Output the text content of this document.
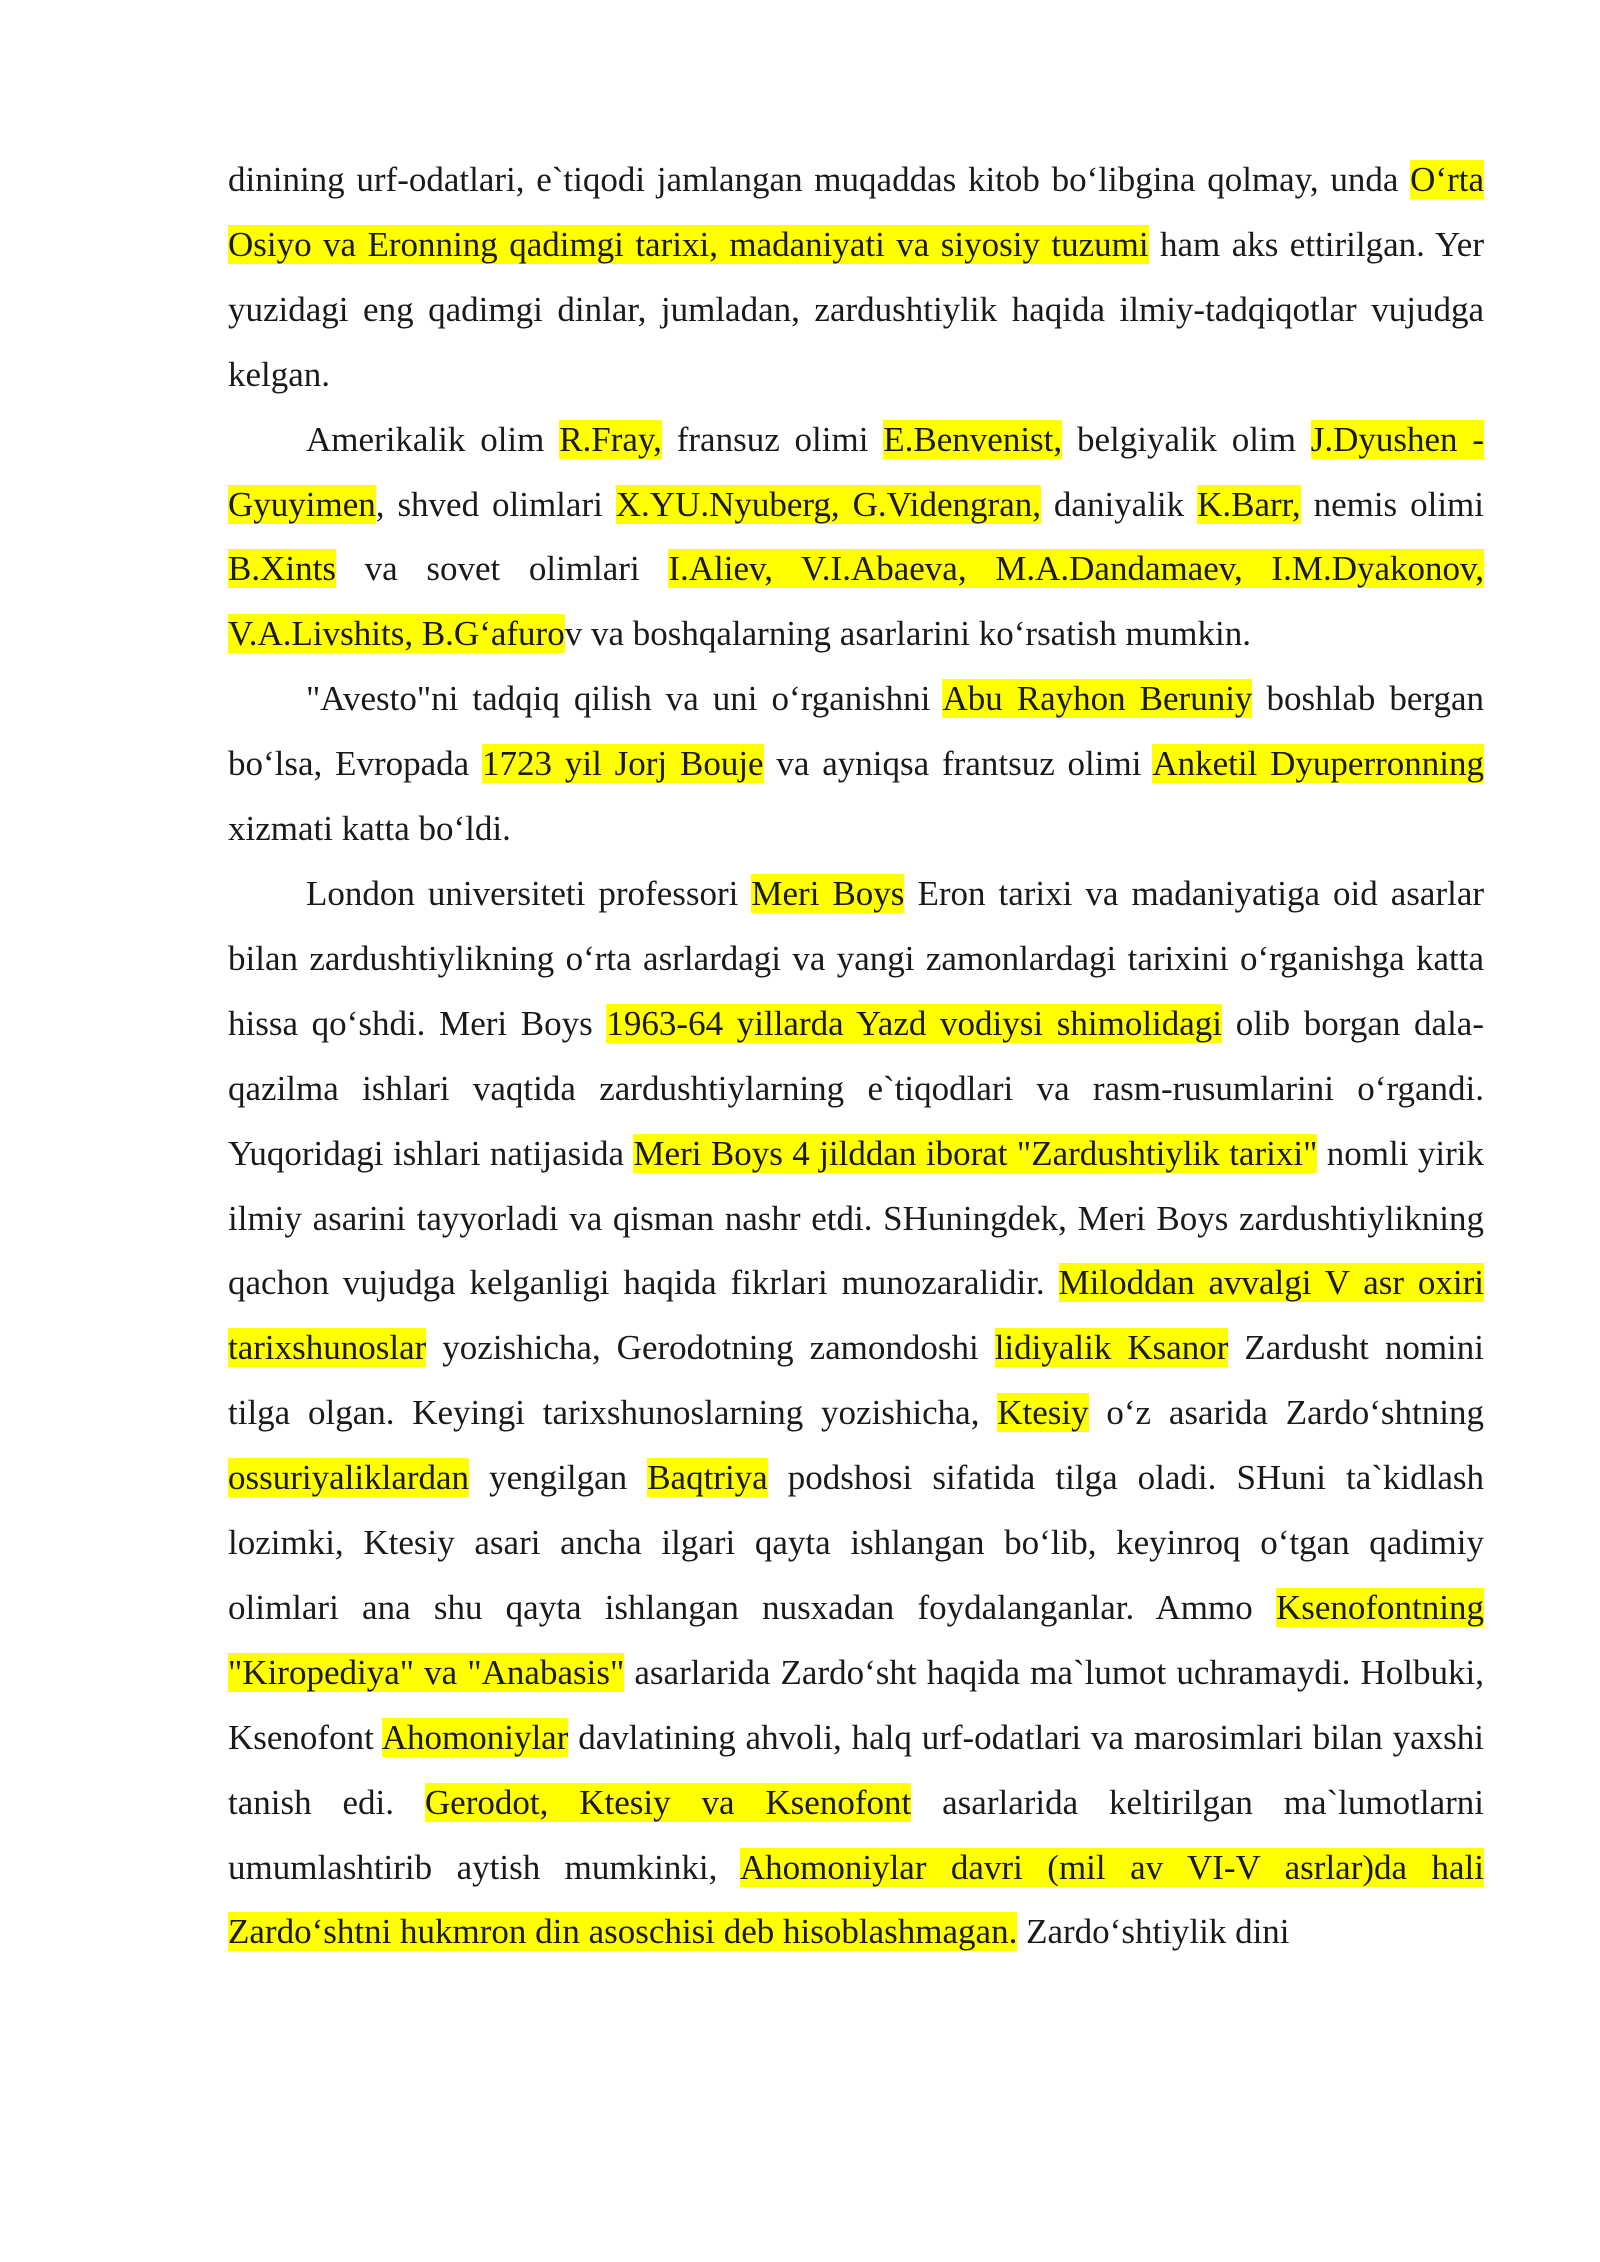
dinining urf-odatlari, e`tiqodi jamlangan muqaddas kitob bo‘libgina qolmay, unda O‘rta Osiyo va Eronning qadimgi tarixi, madaniyati va siyosiy tuzumi ham aks ettirilgan. Yer yuzidagi eng qadimgi dinlar, jumladan, zardushtiylik haqida ilmiy-tadqiqotlar vujudga kelgan.

Amerikalik olim R.Fray, fransuz olimi E.Benvenist, belgiyalik olim J.Dyushen - Gyuyimen, shved olimlari X.YU.Nyuberg, G.Videngran, daniyalik K.Barr, nemis olimi B.Xints va sovet olimlari I.Aliev, V.I.Abaeva, M.A.Dandamaev, I.M.Dyakonov, V.A.Livshits, B.G‘afurov va boshqalarning asarlarini ko‘rsatish mumkin.

"Avesto"ni tadqiq qilish va uni o‘rganishni Abu Rayhon Beruniy boshlab bergan bo‘lsa, Evropada 1723 yil Jorj Bouje va ayniqsa frantsuz olimi Anketil Dyuperronning xizmati katta bo‘ldi.

London universiteti professori Meri Boys Eron tarixi va madaniyatiga oid asarlar bilan zardushtiylikning o‘rta asrlardagi va yangi zamonlardagi tarixini o‘rganishga katta hissa qo‘shdi. Meri Boys 1963-64 yillarda Yazd vodiysi shimolidagi olib borgan dala-qazilma ishlari vaqtida zardushtiylarning e`tiqodlari va rasm-rusumlarini o‘rgandi. Yuqoridagi ishlari natijasida Meri Boys 4 jilddan iborat "Zardushtiylik tarixi" nomli yirik ilmiy asarini tayyorladi va qisman nashr etdi. SHuningdek, Meri Boys zardushtiylikning qachon vujudga kelganligi haqida fikrlari munozaralidir. Miloddan avvalgi V asr oxiri tarixshunoslar yozishicha, Gerodotning zamondoshi lidiyalik Ksanor Zardusht nomini tilga olgan. Keyingi tarixshunoslarning yozishicha, Ktesiy o‘z asarida Zardo‘shtning ossuriyaliklardan yengilgan Baqtriya podshosi sifatida tilga oladi. SHuni ta`kidlash lozimki, Ktesiy asari ancha ilgari qayta ishlangan bo‘lib, keyinroq o‘tgan qadimiy olimlari ana shu qayta ishlangan nusxadan foydalanganlar. Ammo Ksenofontning "Kiropediya" va "Anabasis" asarlarida Zardo‘sht haqida ma`lumot uchramaydi. Holbuki, Ksenofont Ahomoniylar davlatining ahvoli, halq urf-odatlari va marosimlari bilan yaxshi tanish edi. Gerodot, Ktesiy va Ksenofont asarlarida keltirilgan ma`lumotlarni umumlashtirib aytish mumkinki, Ahomoniylar davri (mil av VI-V asrlar)da hali Zardo‘shtni hukmron din asoschisi deb hisoblashmagan. Zardo‘shtiylik dini
